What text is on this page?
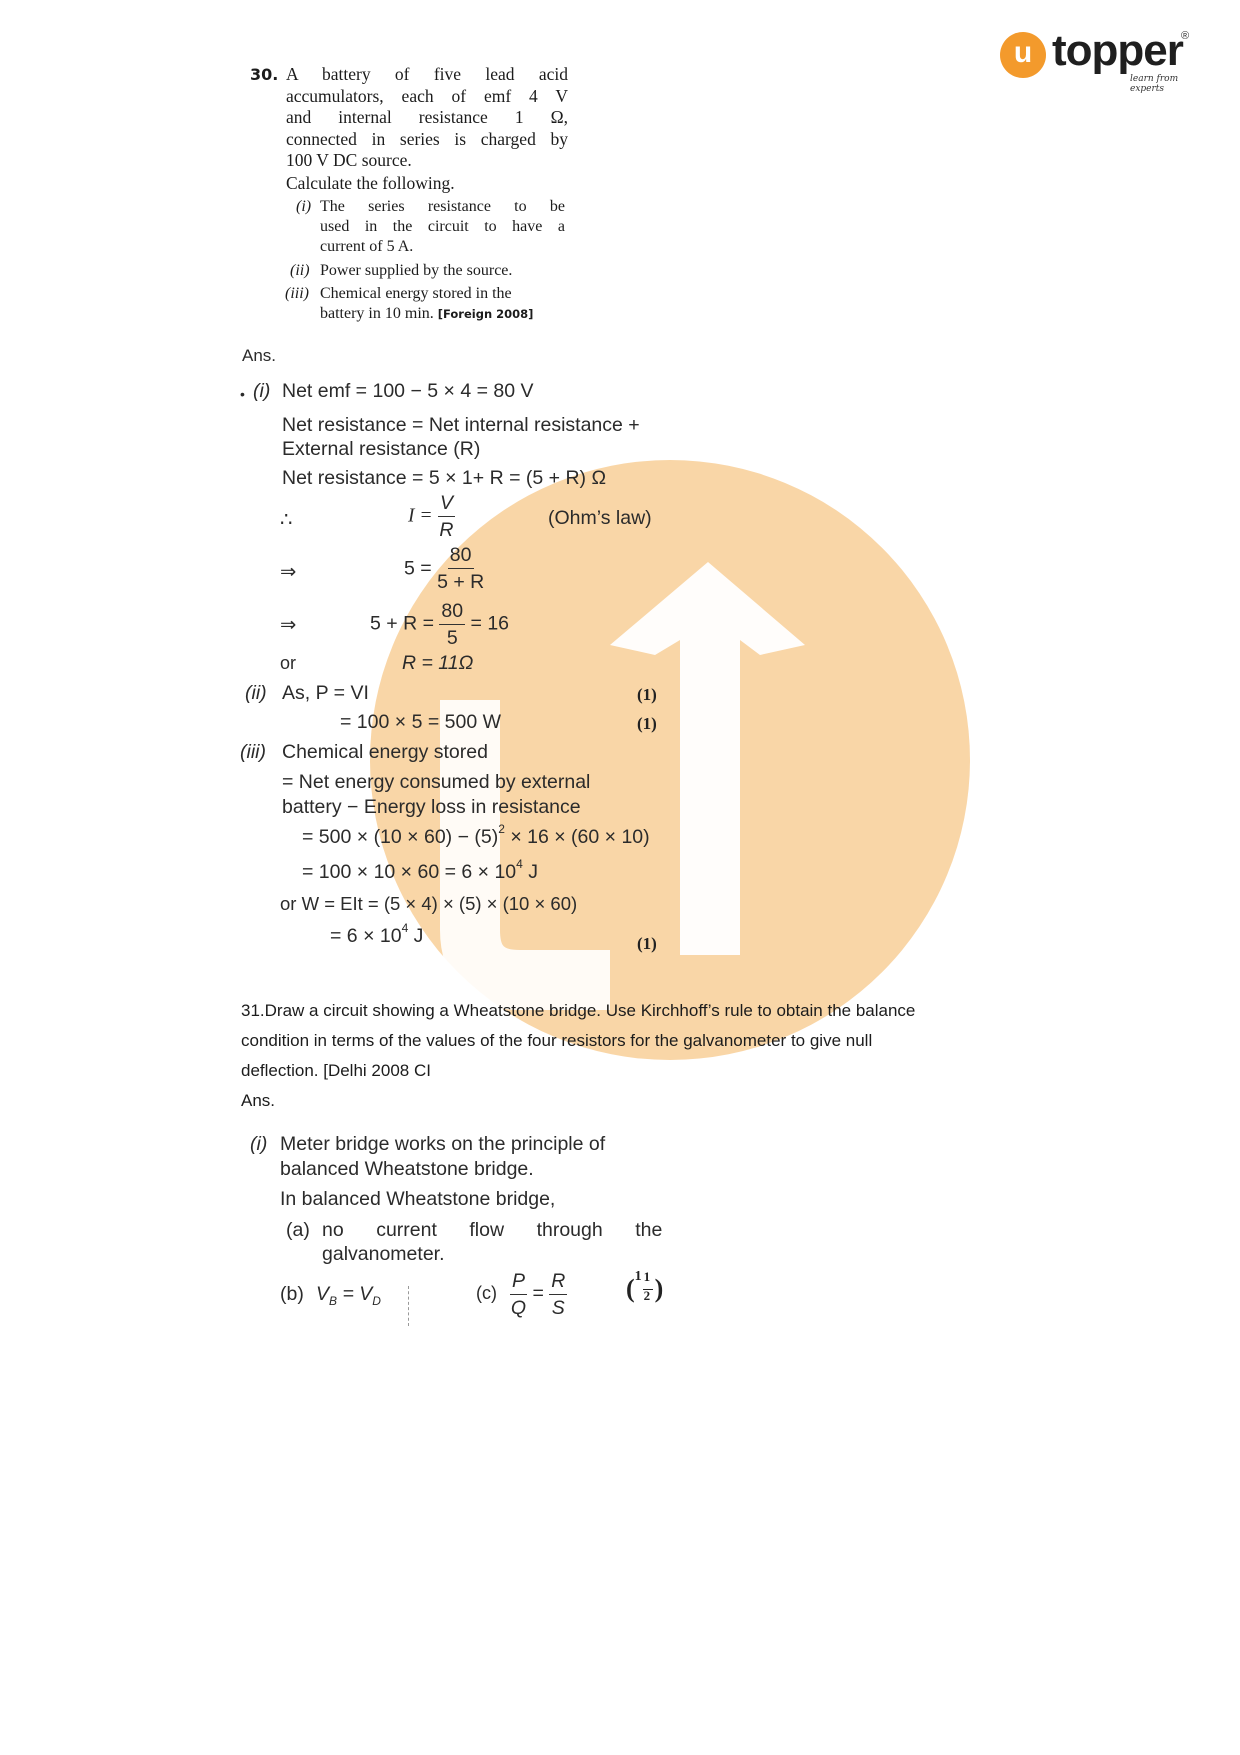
u topper
®
learn from experts
30. A battery of five lead acid
accumulators, each of emf 4 V
and internal resistance 1 Ω,
connected in series is charged by
100 V DC source.
Calculate the following.
(i) The series resistance to be
used in the circuit to have a
current of 5 A.
(ii) Power supplied by the source.
(iii) Chemical energy stored in the
battery in 10 min. [Foreign 2008]
Ans.
• (i) Net emf = 100 − 5 × 4 = 80 V
Net resistance = Net internal resistance +
External resistance (R)
Net resistance = 5 × 1+ R = (5 + R) Ω
∴	$I = \frac{V}{R}$	(Ohm’s law)
⇒	$5 = \frac{80}{5 + R}$
⇒	$5 + R = \frac{80}{5} = 16$
or	R = 11Ω
(ii) As, P = VI	(1)
= 100 × 5 = 500 W	(1)
(iii) Chemical energy stored
= Net energy consumed by external
battery − Energy loss in resistance
= $500 \times (10 \times 60) - (5)^2 \times 16 \times (60 \times 10)$
= $100 \times 10 \times 60 = 6 \times 10^4$ J
or W = EIt = (5 × 4) × (5) × (10 × 60)
= $6 \times 10^4$ J	(1)
31.Draw a circuit showing a Wheatstone bridge. Use Kirchhoff’s rule to obtain the balance
condition in terms of the values of the four resistors for the galvanometer to give null
deflection. [Delhi 2008 CI
Ans.
(i) Meter bridge works on the principle of
balanced Wheatstone bridge.
In balanced Wheatstone bridge,
(a) no      current      flow      through      the
galvanometer.
(b) $V_B = V_D$	$(c) \frac{P}{Q} = \frac{R}{S}$ ( 1 1
2 )
